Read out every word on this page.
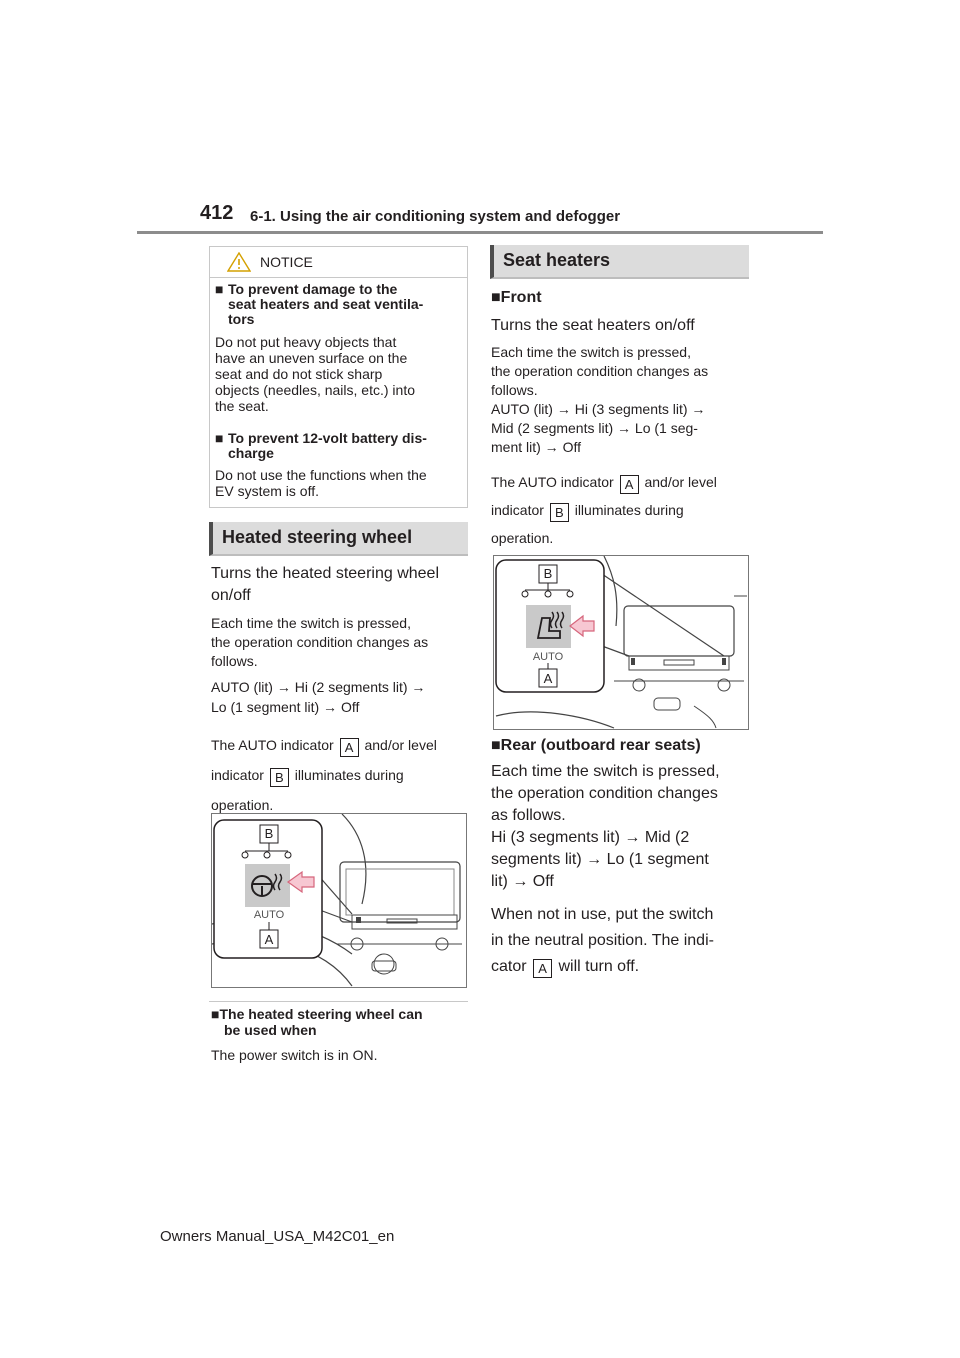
412 6-1. Using the air conditioning system and defogger
NOTICE
■ To prevent damage to the
seat heaters and seat ventila-
tors
Do not put heavy objects that
have an uneven surface on the
seat and do not stick sharp
objects (needles, nails, etc.) into
the seat.
■ To prevent 12-volt battery dis-
charge
Do not use the functions when the
EV system is off.
Heated steering wheel
Turns the heated steering wheel
on/off
Each time the switch is pressed,
the operation condition changes as
follows.
AUTO (lit) → Hi (2 segments lit) →
Lo (1 segment lit) → Off
The AUTO indicator A and/or level
indicator B illuminates during
operation.
AUTO
B
A
■The heated steering wheel can
be used when
The power switch is in ON.
Seat heaters
■Front
Turns the seat heaters on/off
Each time the switch is pressed,
the operation condition changes as
follows.
AUTO (lit) → Hi (3 segments lit) →
Mid (2 segments lit) → Lo (1 seg-
ment lit) → Off
The AUTO indicator A and/or level
indicator B illuminates during
operation.
AUTO
B
A
■Rear (outboard rear seats)
Each time the switch is pressed,
the operation condition changes
as follows.
Hi (3 segments lit) → Mid (2
segments lit) → Lo (1 segment
lit) → Off
When not in use, put the switch
in the neutral position. The indi-
cator A will turn off.
Owners Manual_USA_M42C01_en
